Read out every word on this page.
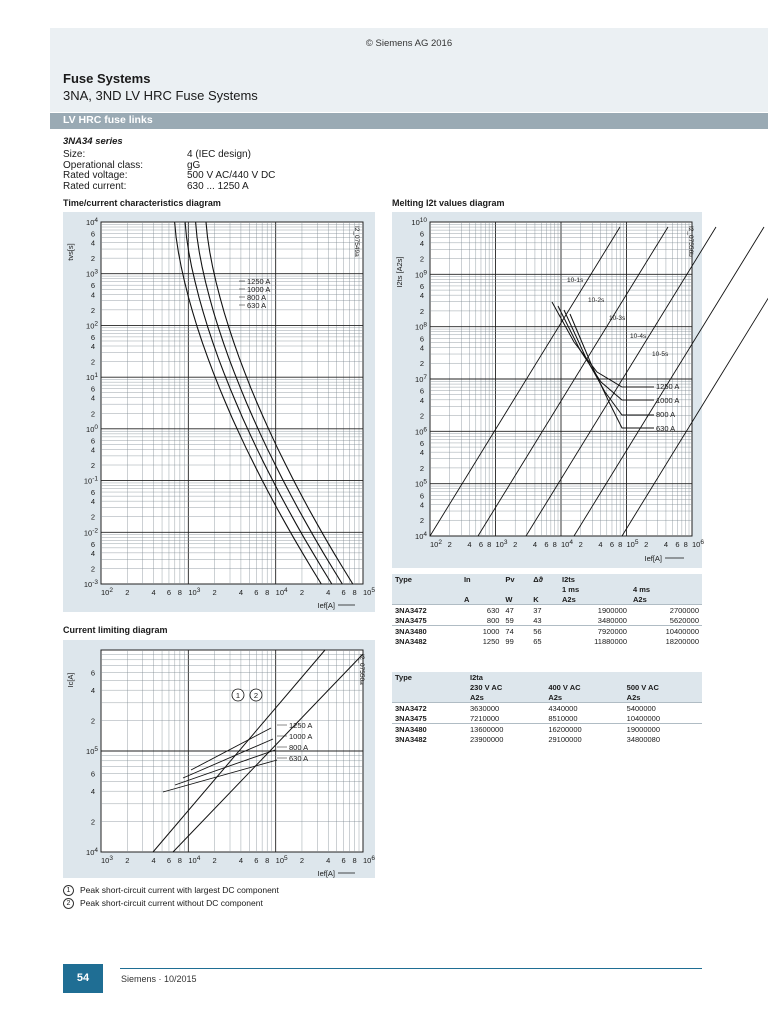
© Siemens AG 2016
Fuse Systems
3NA, 3ND LV HRC Fuse Systems
LV HRC fuse links
3NA34 series
Size:	4 (IEC design)
Operational class:	gG
Rated voltage:	500 V AC/440 V DC
Rated current:	630 ... 1250 A
Time/current characteristics diagram
10-3
2
4
6
10-2
2
4
6
10-1
2
4
6
100
2
4
6
101
2
4
6
102
2
4
6
103
2
4
6
104
102 2	4 6 8 103 2	4 6 8 104 2	4 6 8 105
tvs[s]	I2_07549a
Ief[A]
1250 A
1000 A
800 A
630 A
Melting I2t values diagram
104
2
4
6
105
2
4
6
106
2
4
6
107
2
4
6
108
2
4
6
109
2
4
6
1010
102 2 4 6 8 103 2 4 6 8 104 2 4 6 8 105 2 4 6 8 106
I2ts [A2s]
I2_07556b
Ief[A]
10-1s
10-2s
10-3s
10-4s
10-5s
1250 A
1000 A
800 A
630 A
Current limiting diagram
104
105
2
4
6
2
4
6
103 2	4 6 8 104 2	4 6 8 105 2	4 6 8 106
Ic[A]	I2_07550a
Ief[A]
1 2
1250 A
1000 A
800 A
630 A
Type	In	Pv	Δϑ	I2ts	
				1 ms	4 ms
	A	W	K	A2s	A2s
3NA3472	630	47	37	1900000	2700000
3NA3475	800	59	43	3480000	5620000
3NA3480	1000	74	56	7920000	10400000
3NA3482	1250	99	65	11880000	18200000
Type	I2ta		
	230 V AC	400 V AC	500 V AC
	A2s	A2s	A2s
3NA3472	3630000	4340000	5400000
3NA3475	7210000	8510000	10400000
3NA3480	13600000	16200000	19000000
3NA3482	23900000	29100000	34800080
1 Peak short-circuit current with largest DC component
2 Peak short-circuit current without DC component
54	Siemens · 10/2015
